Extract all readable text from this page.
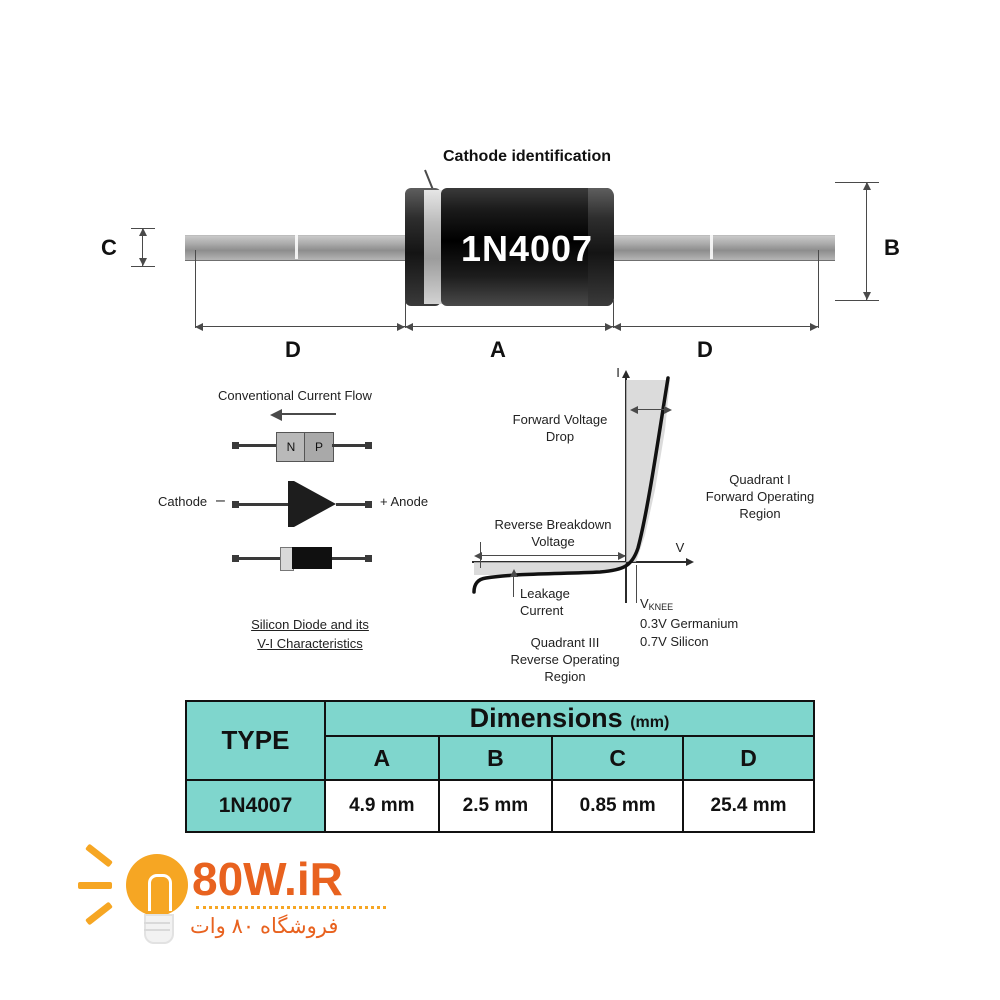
Cathode identification
1N4007
C	B
D	A	D
Conventional Current Flow
N	P
Cathode –	+ Anode
Silicon Diode and its
V-I Characteristics
I
V
Forward Voltage
Drop
Quadrant I
Forward Operating
Region
Reverse Breakdown
Voltage
Leakage
Current
Quadrant III
Reverse Operating
Region
VKNEE
0.3V Germanium
0.7V Silicon
TYPE	Dimensions (mm)			
	A	B	C	D
1N4007	4.9 mm	2.5 mm	0.85 mm	25.4 mm
80W.iR
فروشگاه ۸۰ وات
